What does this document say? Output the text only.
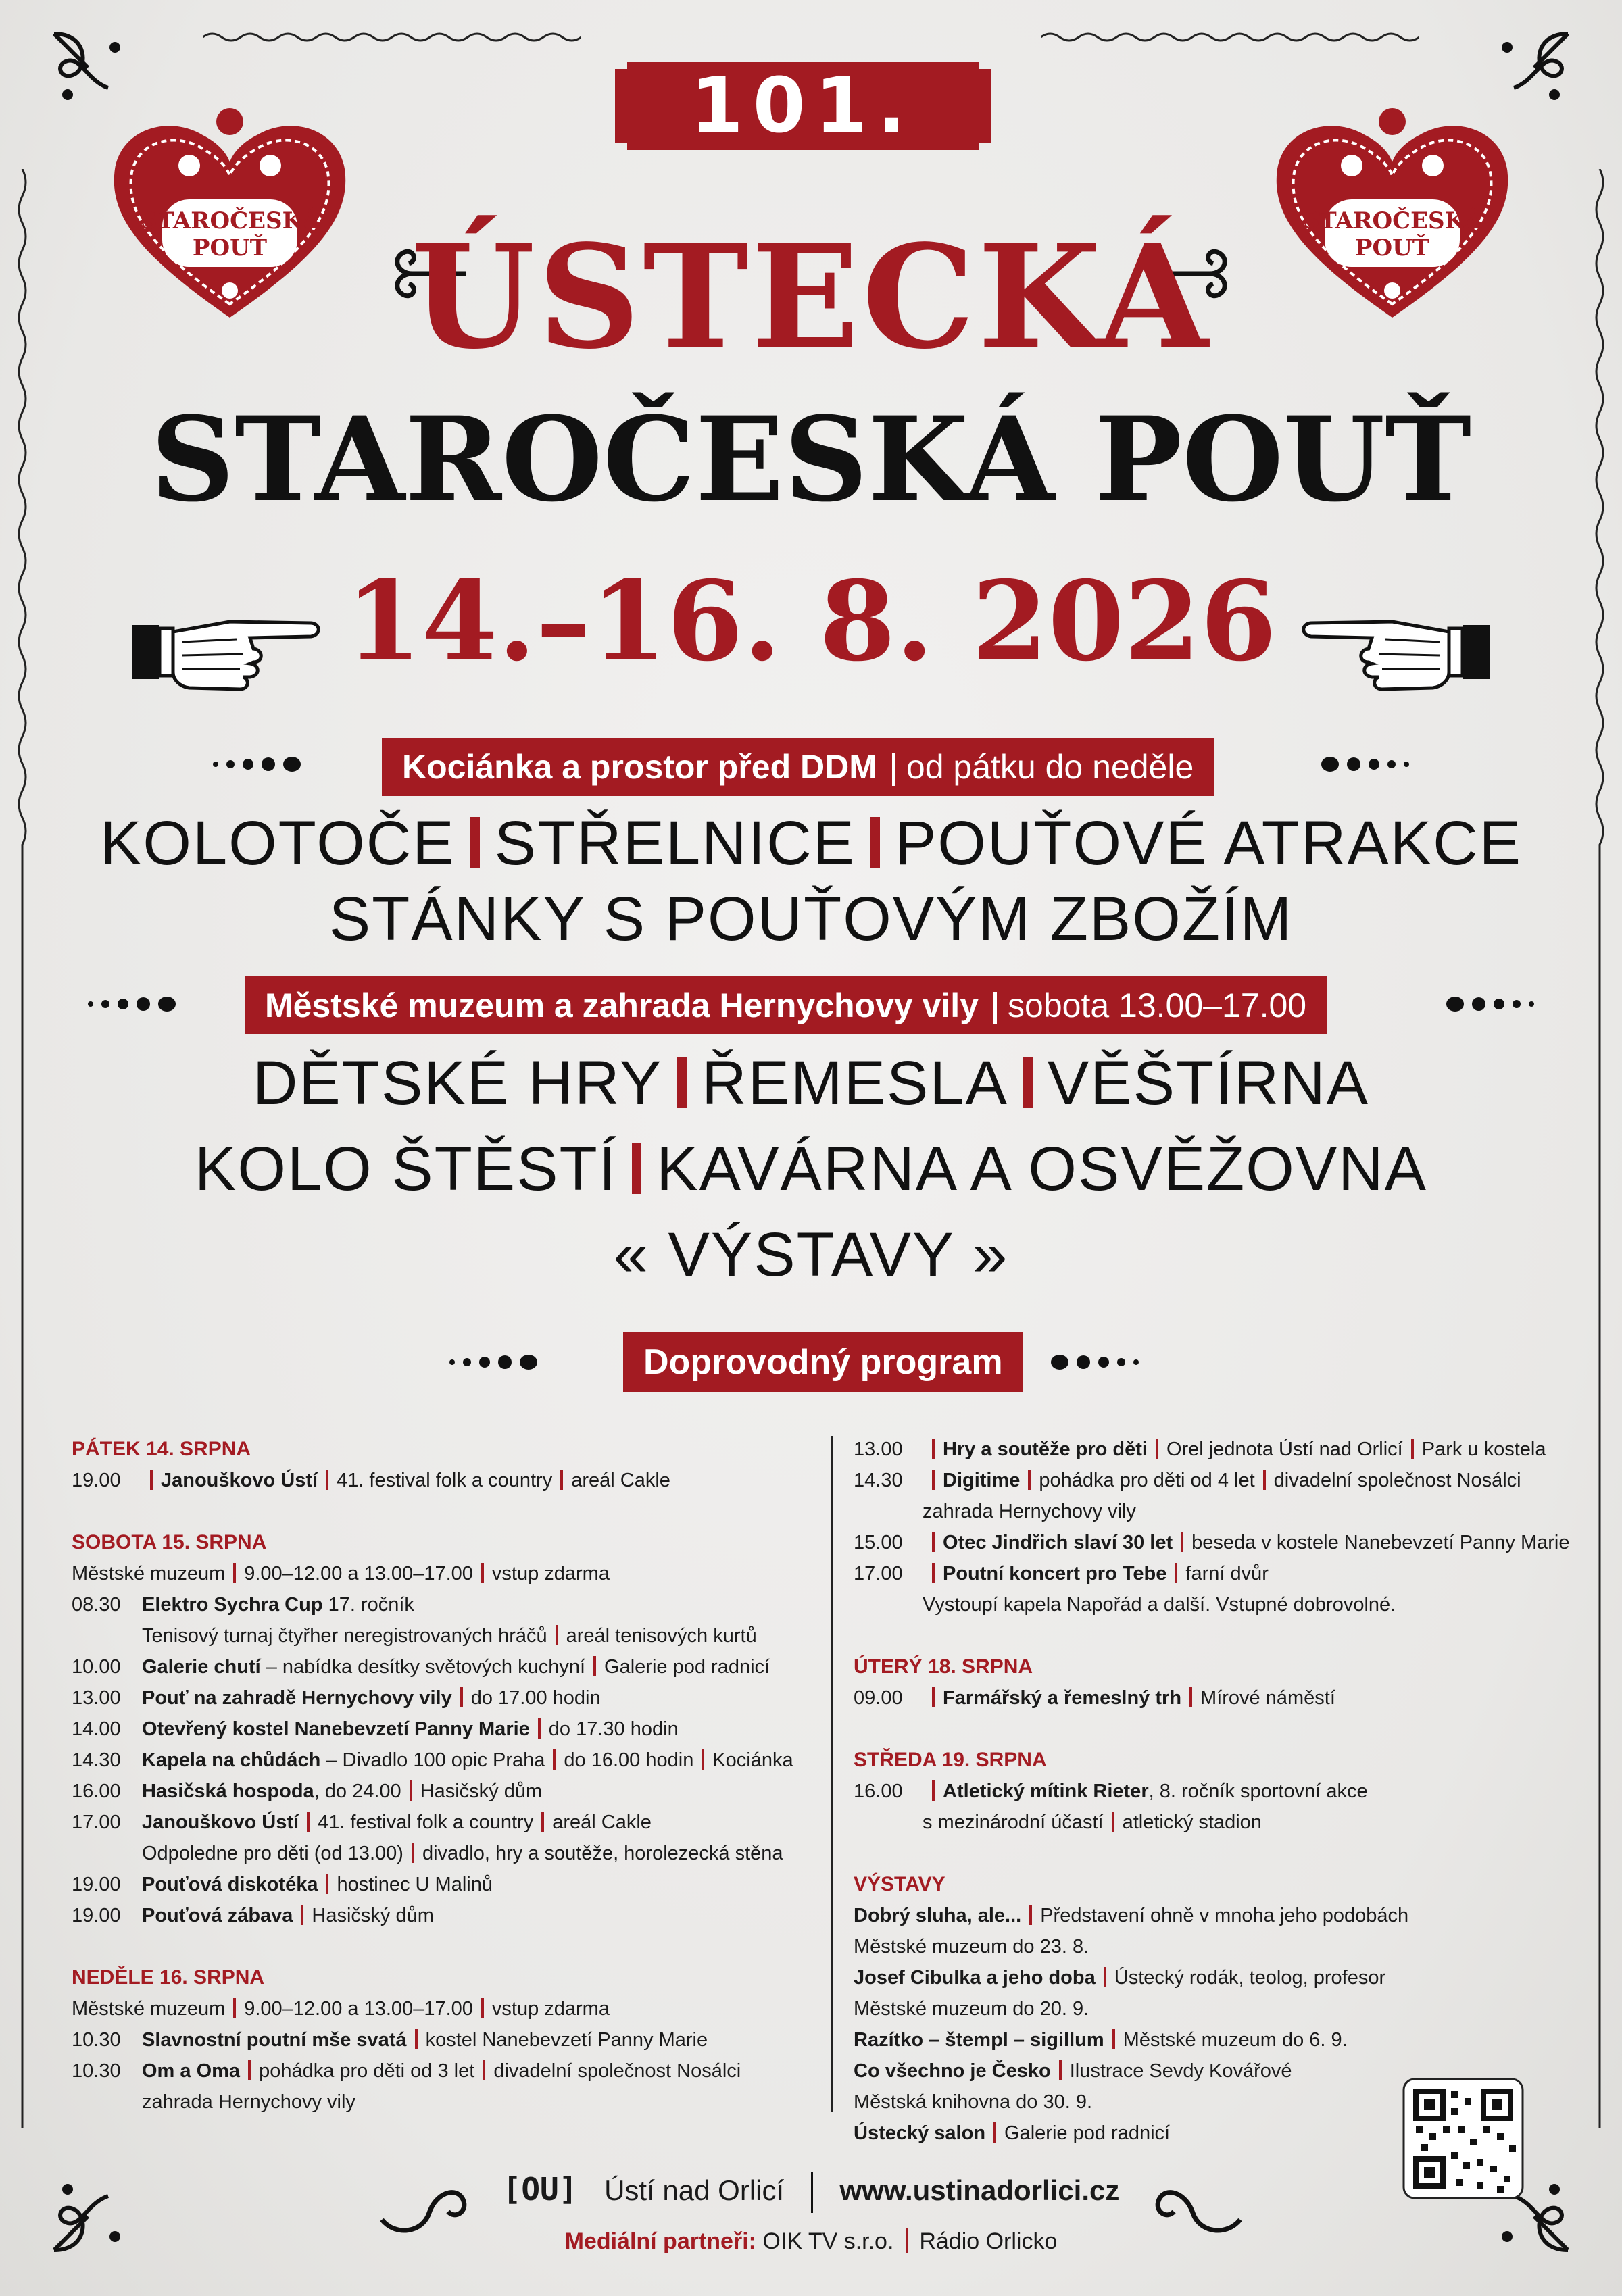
STAROČESKÁ
POUŤ
STAROČESKÁ
POUŤ
101.
ÚSTECKÁ
STAROČESKÁ POUŤ
14.–16. 8. 2026
Kociánka a prostor před DDM od pátku do neděle
KOLOTOČE STŘELNICE POUŤOVÉ ATRAKCE
STÁNKY S POUŤOVÝM ZBOŽÍM
Městské muzeum a zahrada Hernychovy vily sobota 13.00–17.00
DĚTSKÉ HRY ŘEMESLA VĚŠTÍRNA
KOLO ŠTĚSTÍ KAVÁRNA A OSVĚŽOVNA
« VÝSTAVY »
Doprovodný program
PÁTEK 14. SRPNA
19.00 Janouškovo Ústí 41. festival folk a country areál Cakle
SOBOTA 15. SRPNA
Městské muzeum 9.00–12.00 a 13.00–17.00 vstup zdarma
08.30 Elektro Sychra Cup 17. ročník
Tenisový turnaj čtyřher neregistrovaných hráčů areál tenisových kurtů
10.00 Galerie chutí – nabídka desítky světových kuchyní Galerie pod radnicí
13.00 Pouť na zahradě Hernychovy vily do 17.00 hodin
14.00 Otevřený kostel Nanebevzetí Panny Marie do 17.30 hodin
14.30 Kapela na chůdách – Divadlo 100 opic Praha do 16.00 hodin Kociánka
16.00 Hasičská hospoda, do 24.00 Hasičský dům
17.00 Janouškovo Ústí 41. festival folk a country areál Cakle
Odpoledne pro děti (od 13.00) divadlo, hry a soutěže, horolezecká stěna
19.00 Pouťová diskotéka hostinec U Malinů
19.00 Pouťová zábava Hasičský dům
NEDĚLE 16. SRPNA
Městské muzeum 9.00–12.00 a 13.00–17.00 vstup zdarma
10.30 Slavnostní poutní mše svatá kostel Nanebevzetí Panny Marie
10.30 Om a Oma pohádka pro děti od 3 let divadelní společnost Nosálci
zahrada Hernychovy vily
13.00 Hry a soutěže pro děti Orel jednota Ústí nad Orlicí Park u kostela
14.30 Digitime pohádka pro děti od 4 let divadelní společnost Nosálci
zahrada Hernychovy vily
15.00 Otec Jindřich slaví 30 let beseda v kostele Nanebevzetí Panny Marie
17.00 Poutní koncert pro Tebe farní dvůr
Vystoupí kapela Napořád a další. Vstupné dobrovolné.
ÚTERÝ 18. SRPNA
09.00 Farmářský a řemeslný trh Mírové náměstí
STŘEDA 19. SRPNA
16.00 Atletický mítink Rieter, 8. ročník sportovní akce
s mezinárodní účastí atletický stadion
VÝSTAVY
Dobrý sluha, ale... Představení ohně v mnoha jeho podobách
Městské muzeum do 23. 8.
Josef Cibulka a jeho doba Ústecký rodák, teolog, profesor
Městské muzeum do 20. 9.
Razítko – štempl – sigillum Městské muzeum do 6. 9.
Co všechno je Česko Ilustrace Sevdy Kovářové
Městská knihovna do 30. 9.
Ústecký salon Galerie pod radnicí
[OU] Ústí nad Orlicí www.ustinadorlici.cz
Mediální partneři: OIK TV s.r.o. Rádio Orlicko
